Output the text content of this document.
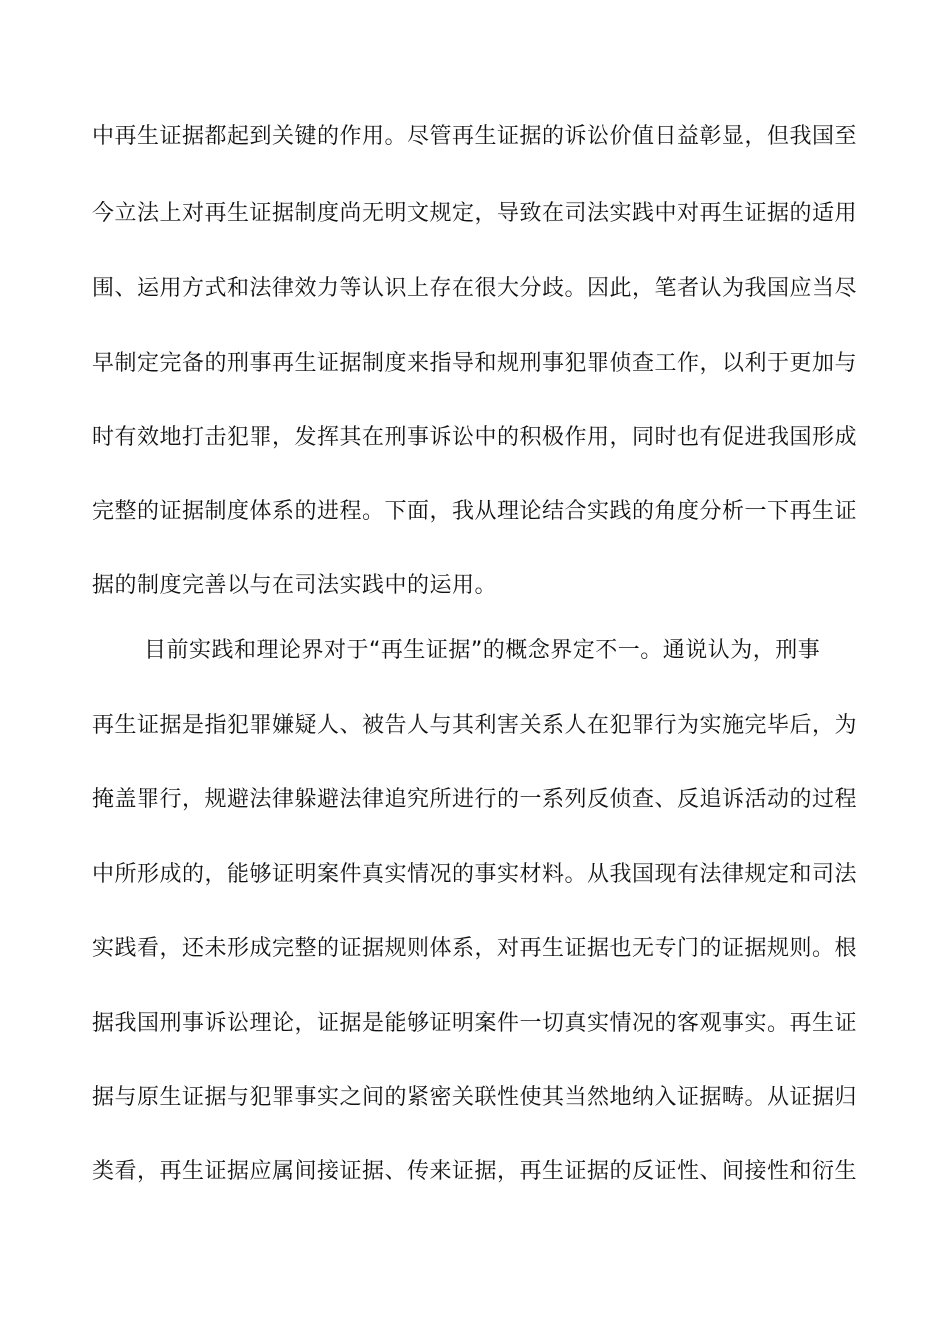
中再生证据都起到关键的作用。尽管再生证据的诉讼价值日益彰显，但我国至
今立法上对再生证据制度尚无明文规定，导致在司法实践中对再生证据的适用
围、运用方式和法律效力等认识上存在很大分歧。因此，笔者认为我国应当尽
早制定完备的刑事再生证据制度来指导和规刑事犯罪侦查工作，以利于更加与
时有效地打击犯罪，发挥其在刑事诉讼中的积极作用，同时也有促进我国形成
完整的证据制度体系的进程。下面，我从理论结合实践的角度分析一下再生证
据的制度完善以与在司法实践中的运用。
目前实践和理论界对于“再生证据”的概念界定不一。通说认为，刑事
再生证据是指犯罪嫌疑人、被告人与其利害关系人在犯罪行为实施完毕后，为
掩盖罪行，规避法律躲避法律追究所进行的一系列反侦查、反追诉活动的过程
中所形成的，能够证明案件真实情况的事实材料。从我国现有法律规定和司法
实践看，还未形成完整的证据规则体系，对再生证据也无专门的证据规则。根
据我国刑事诉讼理论，证据是能够证明案件一切真实情况的客观事实。再生证
据与原生证据与犯罪事实之间的紧密关联性使其当然地纳入证据畴。从证据归
类看，再生证据应属间接证据、传来证据，再生证据的反证性、间接性和衍生
